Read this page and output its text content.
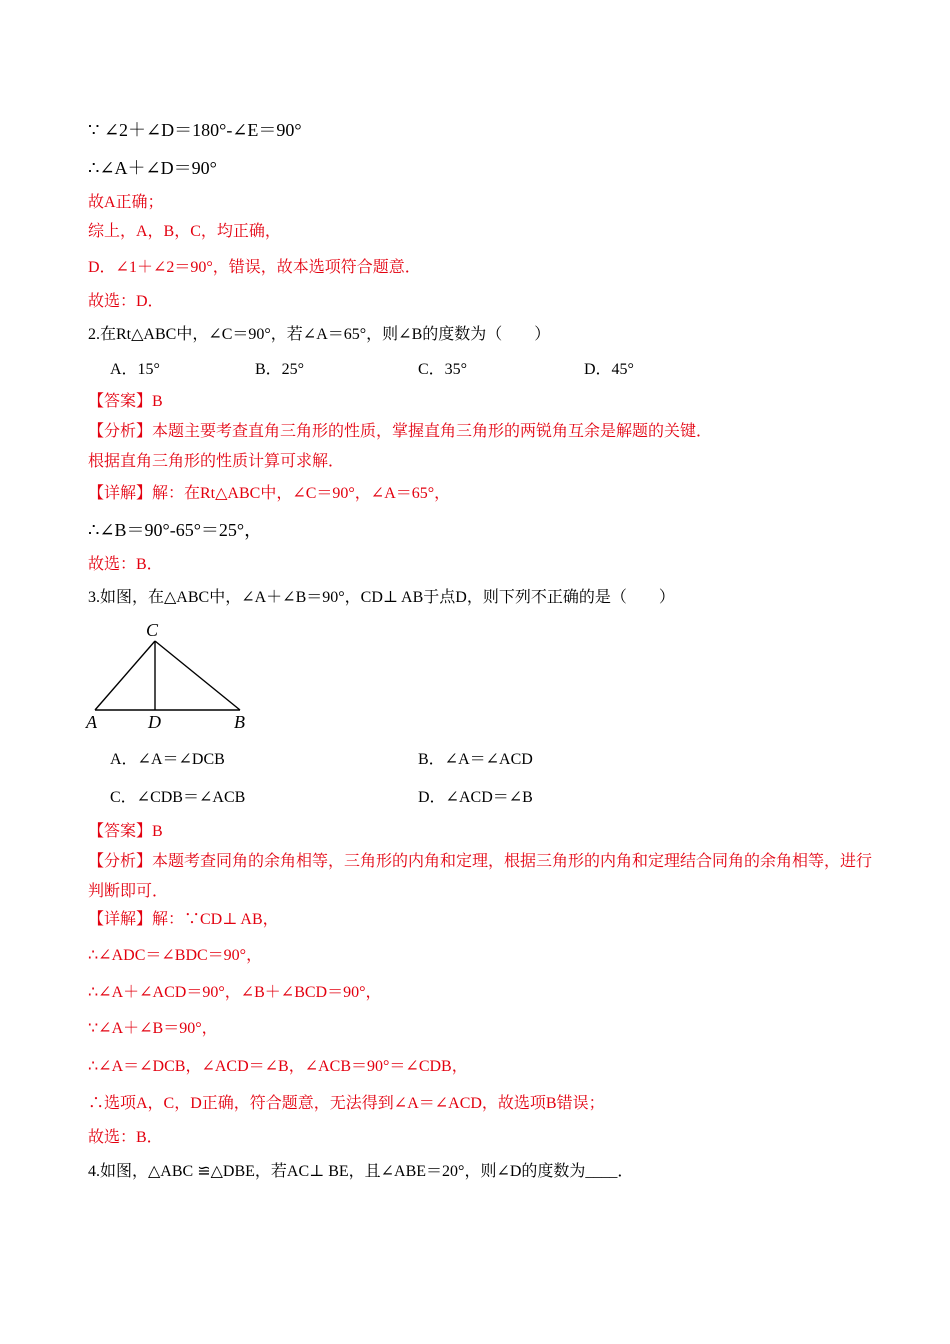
∵ ∠2＋∠D＝180°-∠E＝90°
∴∠A＋∠D＝90°
故A正确；
综上，A，B，C，均正确，
D．∠1＋∠2＝90°，错误，故本选项符合题意．
故选：D．
2.在Rt△ABC中，∠C＝90°，若∠A＝65°，则∠B的度数为（　　）
A．15°	B．25°	C．35°	D．45°
【答案】B
【分析】本题主要考查直角三角形的性质，掌握直角三角形的两锐角互余是解题的关键．
根据直角三角形的性质计算可求解．
【详解】解：在Rt△ABC中，∠C＝90°，∠A＝65°，
∴∠B＝90°-65°＝25°，
故选：B．
3.如图，在△ABC中，∠A＋∠B＝90°，CD⊥ AB于点D，则下列不正确的是（　　）
C
A	D	B
A．∠A＝∠DCB	B．∠A＝∠ACD
C．∠CDB＝∠ACB	D．∠ACD＝∠B
【答案】B
【分析】本题考查同角的余角相等，三角形的内角和定理，根据三角形的内角和定理结合同角的余角相等，进行判断即可．
【详解】解：∵CD⊥ AB，
∴∠ADC＝∠BDC＝90°，
∴∠A＋∠ACD＝90°，∠B＋∠BCD＝90°，
∵∠A＋∠B＝90°，
∴∠A＝∠DCB，∠ACD＝∠B，∠ACB＝90°＝∠CDB，
∴选项A，C，D正确，符合题意，无法得到∠A＝∠ACD，故选项B错误；
故选：B．
4.如图，△ABC ≌△DBE，若AC⊥ BE，且∠ABE＝20°，则∠D的度数为____．
